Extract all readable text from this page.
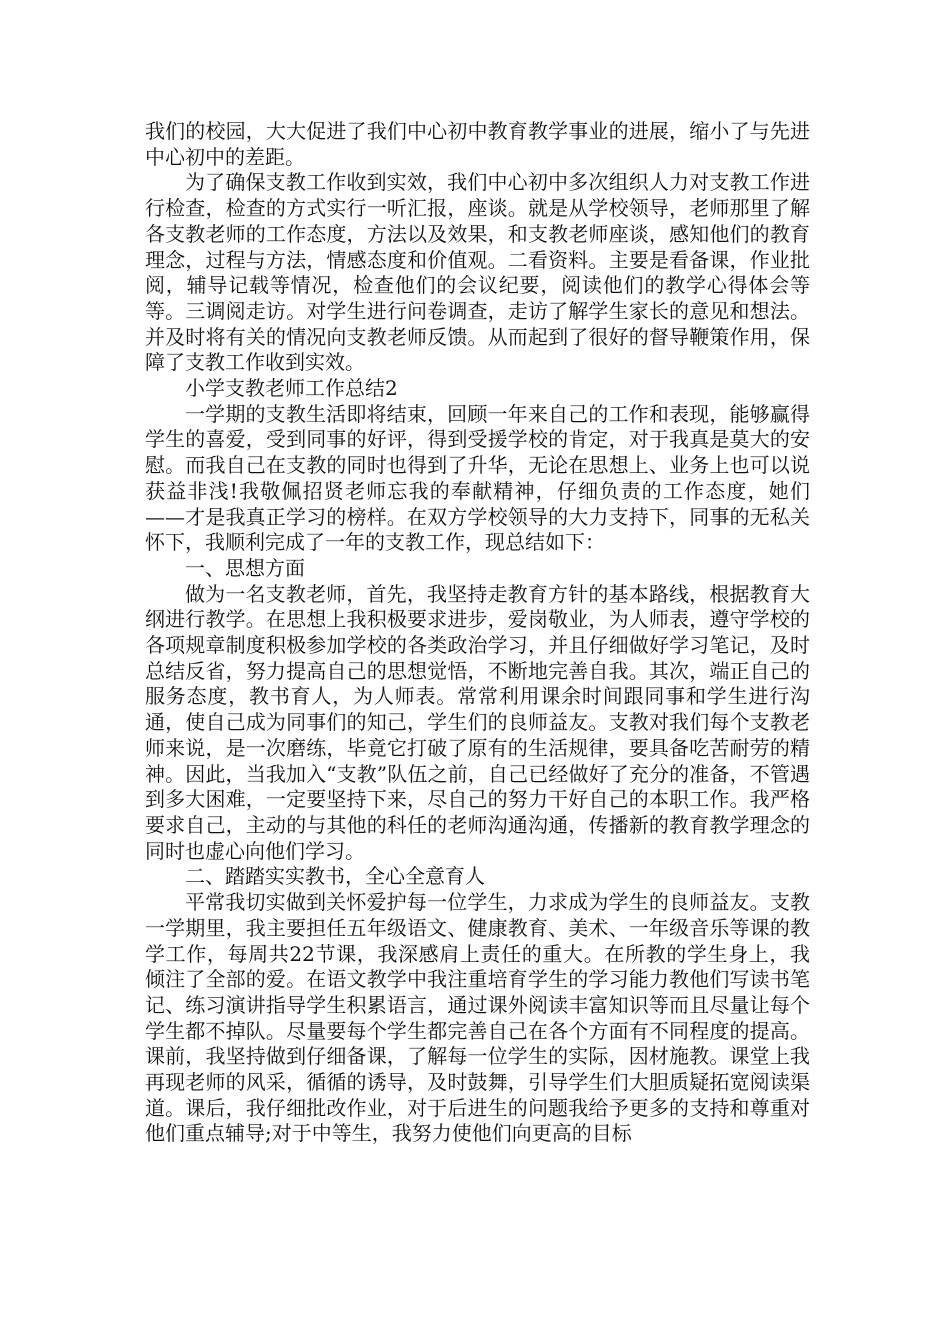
我们的校园，大大促进了我们中心初中教育教学事业的进展，缩小了与先进中心初中的差距。

为了确保支教工作收到实效，我们中心初中多次组织人力对支教工作进行检查，检查的方式实行一听汇报，座谈。就是从学校领导，老师那里了解各支教老师的工作态度，方法以及效果，和支教老师座谈，感知他们的教育理念，过程与方法，情感态度和价值观。二看资料。主要是看备课，作业批阅，辅导记载等情况，检查他们的会议纪要，阅读他们的教学心得体会等等。三调阅走访。对学生进行问卷调查，走访了解学生家长的意见和想法。并及时将有关的情况向支教老师反馈。从而起到了很好的督导鞭策作用，保障了支教工作收到实效。

小学支教老师工作总结2

一学期的支教生活即将结束，回顾一年来自己的工作和表现，能够赢得学生的喜爱，受到同事的好评，得到受援学校的肯定，对于我真是莫大的安慰。而我自己在支教的同时也得到了升华，无论在思想上、业务上也可以说获益非浅!我敬佩招贤老师忘我的奉献精神，仔细负责的工作态度，她们——才是我真正学习的榜样。在双方学校领导的大力支持下，同事的无私关怀下，我顺利完成了一年的支教工作，现总结如下：

一、思想方面

做为一名支教老师，首先，我坚持走教育方针的基本路线，根据教育大纲进行教学。在思想上我积极要求进步，爱岗敬业，为人师表，遵守学校的各项规章制度积极参加学校的各类政治学习，并且仔细做好学习笔记，及时总结反省，努力提高自己的思想觉悟，不断地完善自我。其次，端正自己的服务态度，教书育人，为人师表。常常利用课余时间跟同事和学生进行沟通，使自己成为同事们的知己，学生们的良师益友。支教对我们每个支教老师来说，是一次磨练，毕竟它打破了原有的生活规律，要具备吃苦耐劳的精神。因此，当我加入“支教”队伍之前，自己已经做好了充分的准备，不管遇到多大困难，一定要坚持下来，尽自己的努力干好自己的本职工作。我严格要求自己，主动的与其他的科任的老师沟通沟通，传播新的教育教学理念的同时也虚心向他们学习。

二、踏踏实实教书，全心全意育人

平常我切实做到关怀爱护每一位学生，力求成为学生的良师益友。支教一学期里，我主要担任五年级语文、健康教育、美术、一年级音乐等课的教学工作，每周共22节课，我深感肩上责任的重大。在所教的学生身上，我倾注了全部的爱。在语文教学中我注重培育学生的学习能力教他们写读书笔记、练习演讲指导学生积累语言，通过课外阅读丰富知识等而且尽量让每个学生都不掉队。尽量要每个学生都完善自己在各个方面有不同程度的提高。课前，我坚持做到仔细备课，了解每一位学生的实际，因材施教。课堂上我再现老师的风采，循循的诱导，及时鼓舞，引导学生们大胆质疑拓宽阅读渠道。课后，我仔细批改作业，对于后进生的问题我给予更多的支持和尊重对他们重点辅导;对于中等生，我努力使他们向更高的目标
